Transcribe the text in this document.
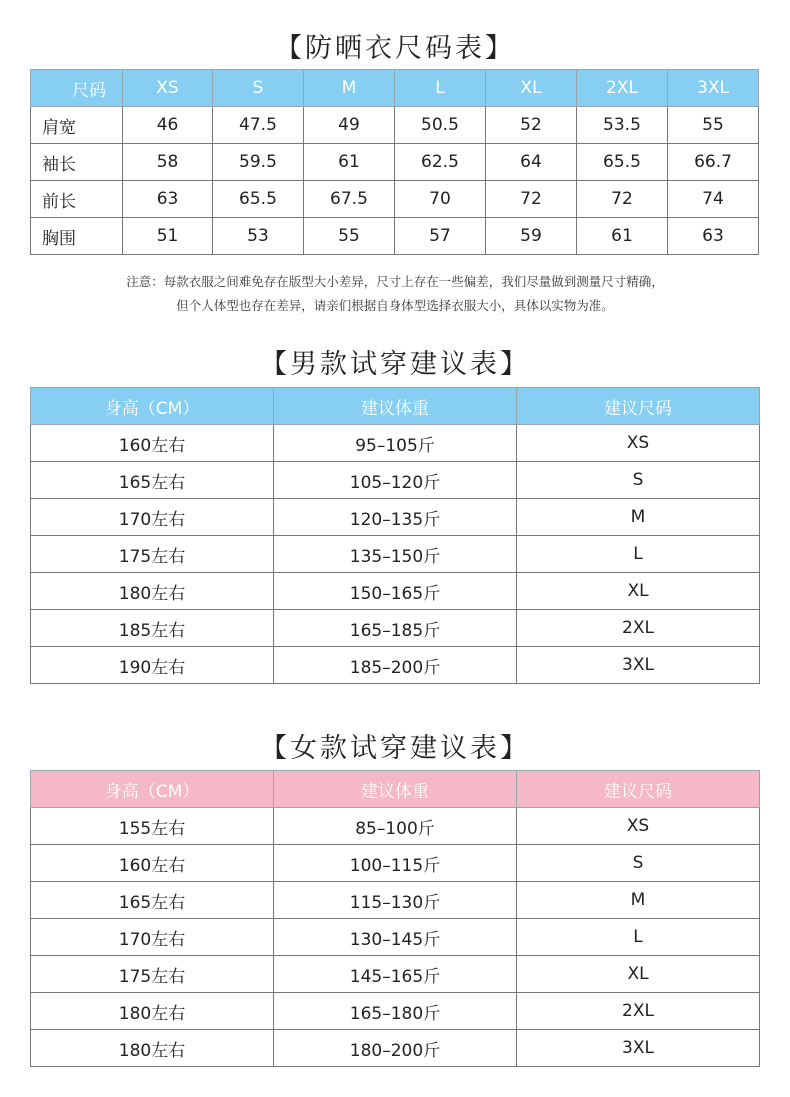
【防晒衣尺码表】
尺码	XS	S	M	L	XL	2XL	3XL
肩宽	46	47.5	49	50.5	52	53.5	55
袖长	58	59.5	61	62.5	64	65.5	66.7
前长	63	65.5	67.5	70	72	72	74
胸围	51	53	55	57	59	61	63
注意：每款衣服之间难免存在版型大小差异，尺寸上存在一些偏差，我们尽量做到测量尺寸精确，
但个人体型也存在差异，请亲们根据自身体型选择衣服大小，具体以实物为准。
【男款试穿建议表】
身高（CM）	建议体重	建议尺码
160左右	95–105斤	XS
165左右	105–120斤	S
170左右	120–135斤	M
175左右	135–150斤	L
180左右	150–165斤	XL
185左右	165–185斤	2XL
190左右	185–200斤	3XL
【女款试穿建议表】
身高（CM）	建议体重	建议尺码
155左右	85–100斤	XS
160左右	100–115斤	S
165左右	115–130斤	M
170左右	130–145斤	L
175左右	145–165斤	XL
180左右	165–180斤	2XL
180左右	180–200斤	3XL
